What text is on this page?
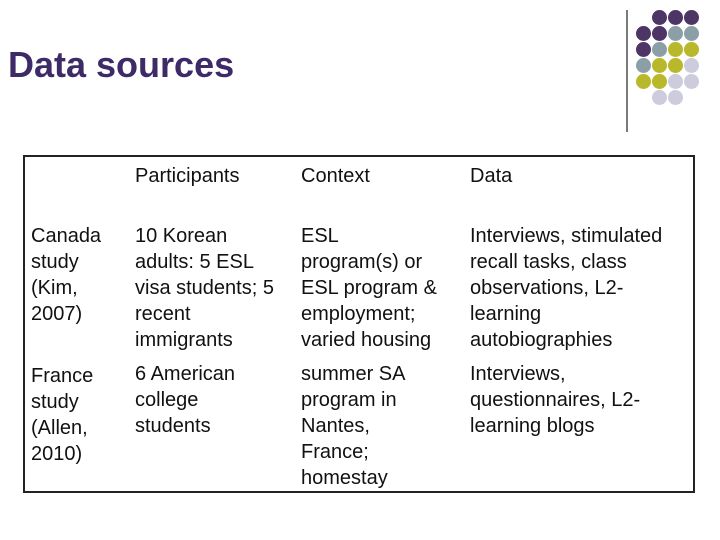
Data sources
Participants	Context	Data
Canada
study
(Kim,
2007)
10 Korean
adults: 5 ESL
visa students; 5
recent
immigrants
ESL
program(s) or
ESL program &
employment;
varied housing
Interviews, stimulated
recall tasks, class
observations, L2-
learning
autobiographies
France
study
(Allen,
2010)
6 American
college
students
summer SA
program in
Nantes,
France;
homestay
Interviews,
questionnaires, L2-
learning blogs
